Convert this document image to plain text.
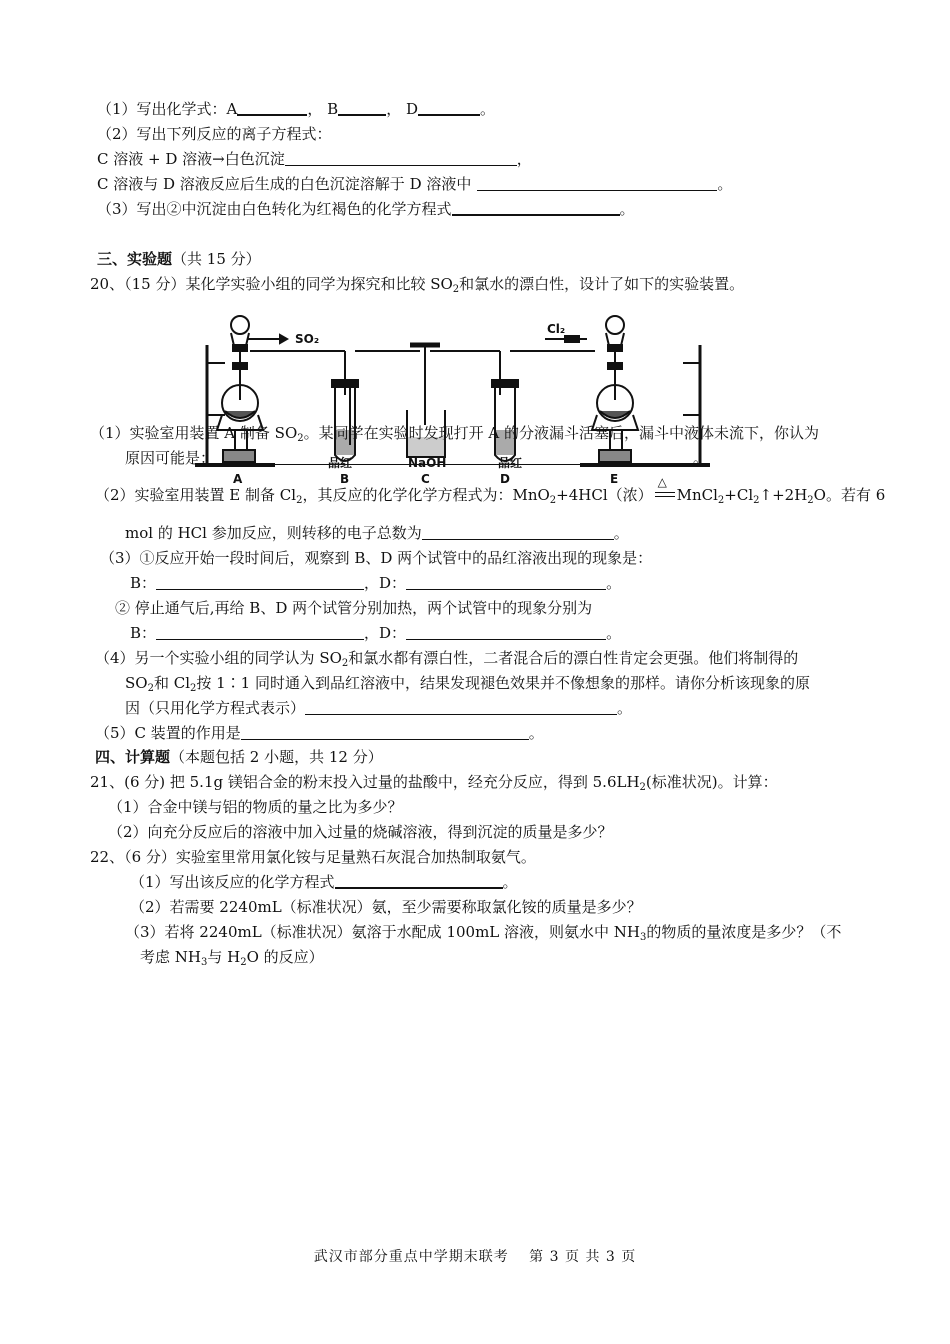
（1）写出化学式：A	， B	， D	。
（2）写出下列反应的离子方程式：
C 溶液 + D 溶液→白色沉淀	，
C 溶液与 D 溶液反应后生成的白色沉淀溶解于 D 溶液中	。
（3）写出②中沉淀由白色转化为红褐色的化学方程式	。
三、实验题（共 15 分）
20、（15 分）某化学实验小组的同学为探究和比较 $SO_2$和氯水的漂白性，设计了如下的实验装置。
SO₂
Cl₂
品红	NaOH	品红
A	B	C	D	E
（1）实验室用装置 A 制备 $SO_2$。某同学在实验时发现打开 A 的分液漏斗活塞后，漏斗中液体未流下，你认为
原因可能是：	。
（2）实验室用装置 E 制备 $Cl_2$，其反应的化学化学方程式为：MnO$_2$+4HCl（浓）
△
$MnCl_2+Cl_2↑+2H_2O$。若有 6
mol 的 HCl 参加反应，则转移的电子总数为	。
（3）①反应开始一段时间后，观察到 B、D 两个试管中的品红溶液出现的现象是：
B：	，D：	。
② 停止通气后,再给 B、D 两个试管分别加热，两个试管中的现象分别为
B：	，D：	。
（4）另一个实验小组的同学认为 $SO_2$和氯水都有漂白性，二者混合后的漂白性肯定会更强。他们将制得的
$SO_2$和 $Cl_2$按 1∶1 同时通入到品红溶液中，结果发现褪色效果并不像想象的那样。请你分析该现象的原
因（只用化学方程式表示）	。
（5）C 装置的作用是	。
四、计算题（本题包括 2 小题，共 12 分）
21、(6 分) 把 5.1g 镁铝合金的粉末投入过量的盐酸中，经充分反应，得到 $5.6LH_2$(标准状况)。计算：
（1）合金中镁与铝的物质的量之比为多少？
（2）向充分反应后的溶液中加入过量的烧碱溶液，得到沉淀的质量是多少？
22、（6 分）实验室里常用氯化铵与足量熟石灰混合加热制取氨气。
（1）写出该反应的化学方程式	。
（2）若需要 2240mL（标准状况）氨，至少需要称取氯化铵的质量是多少？
（3）若将 2240mL（标准状况）氨溶于水配成 100mL 溶液，则氨水中 $NH_3$的物质的量浓度是多少？（不
考虑 $NH_3$与 $H_2O$ 的反应）
武汉市部分重点中学期末联考　 第 3 页 共 3 页
